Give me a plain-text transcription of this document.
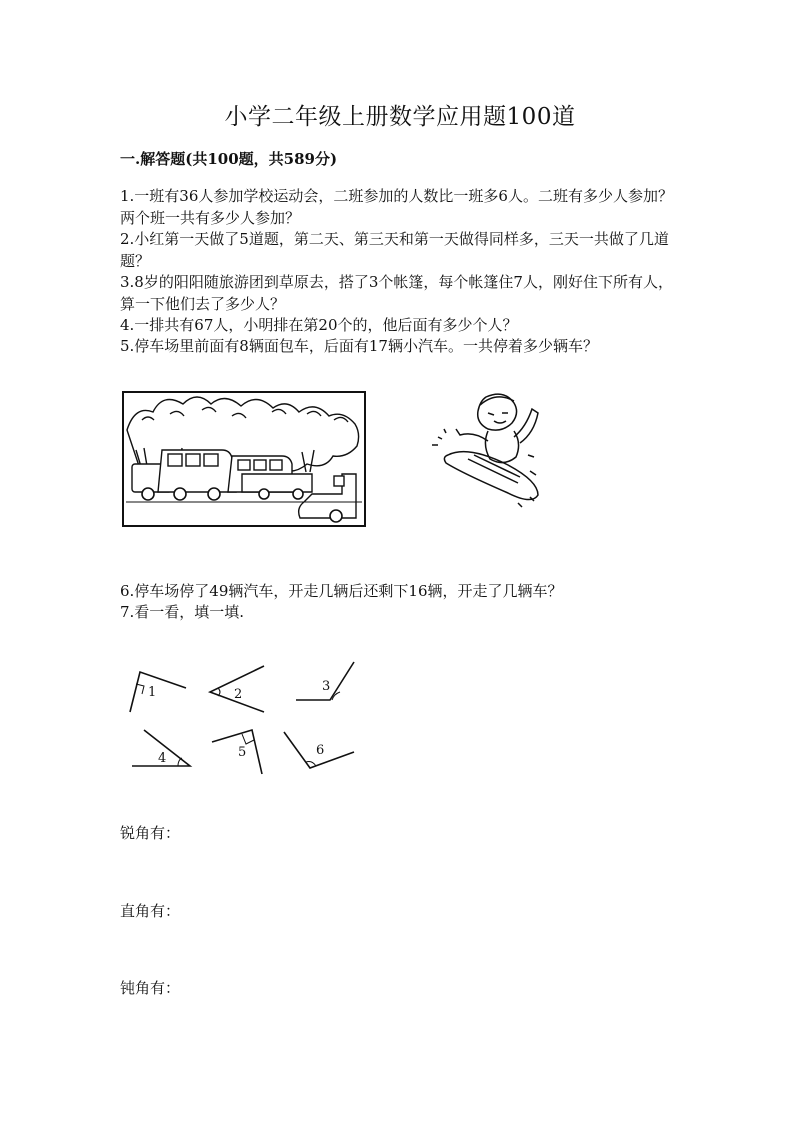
小学二年级上册数学应用题100道
一.解答题(共100题，共589分)
1.一班有36人参加学校运动会，二班参加的人数比一班多6人。二班有多少人参加？两个班一共有多少人参加？
2.小红第一天做了5道题，第二天、第三天和第一天做得同样多，三天一共做了几道题？
3.8岁的阳阳随旅游团到草原去，搭了3个帐篷，每个帐篷住7人，刚好住下所有人，算一下他们去了多少人？
4.一排共有67人，小明排在第20个的，他后面有多少个人？
5.停车场里前面有8辆面包车，后面有17辆小汽车。一共停着多少辆车？
6.停车场停了49辆汽车，开走几辆后还剩下16辆，开走了几辆车？
7.看一看，填一填.
1	2
3
4	5	6
锐角有：
直角有：
钝角有：
